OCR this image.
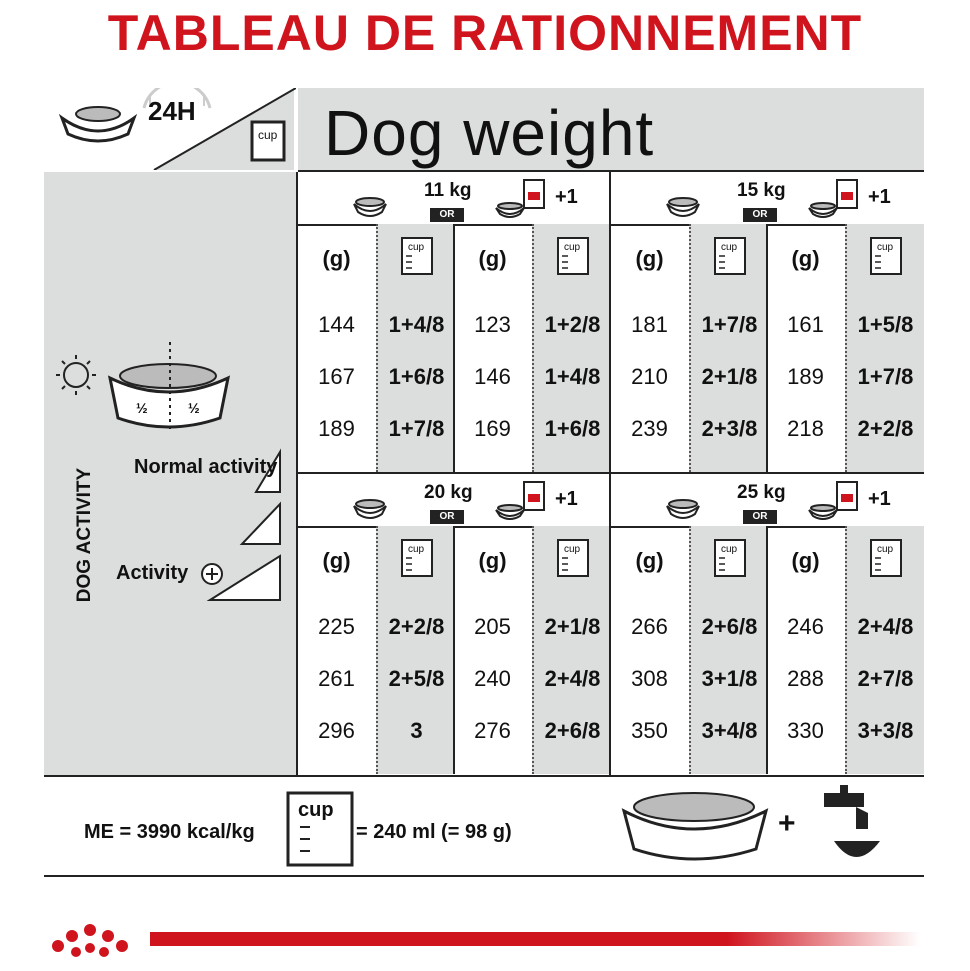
TABLEAU DE RATIONNEMENT
24H
cup Dog weight
½	½
Normal activity
Activity
DOG ACTIVITY
11 kg
OR
+1
(g)
144
167
189
cup
1+4/8
1+6/8
1+7/8
(g)
123
146
169
cup
1+2/8
1+4/8
1+6/8
15 kg
OR
+1
(g)
181
210
239
cup
1+7/8
2+1/8
2+3/8
(g)
161
189
218
cup
1+5/8
1+7/8
2+2/8
20 kg
OR
+1
(g)
225
261
296
cup
2+2/8
2+5/8
3
(g)
205
240
276
cup
2+1/8
2+4/8
2+6/8
25 kg
OR
+1
(g)
266
308
350
cup
2+6/8
3+1/8
3+4/8
(g)
246
288
330
cup
2+4/8
2+7/8
3+3/8
ME = 3990 kcal/kg
cup
= 240 ml (= 98 g)	+
